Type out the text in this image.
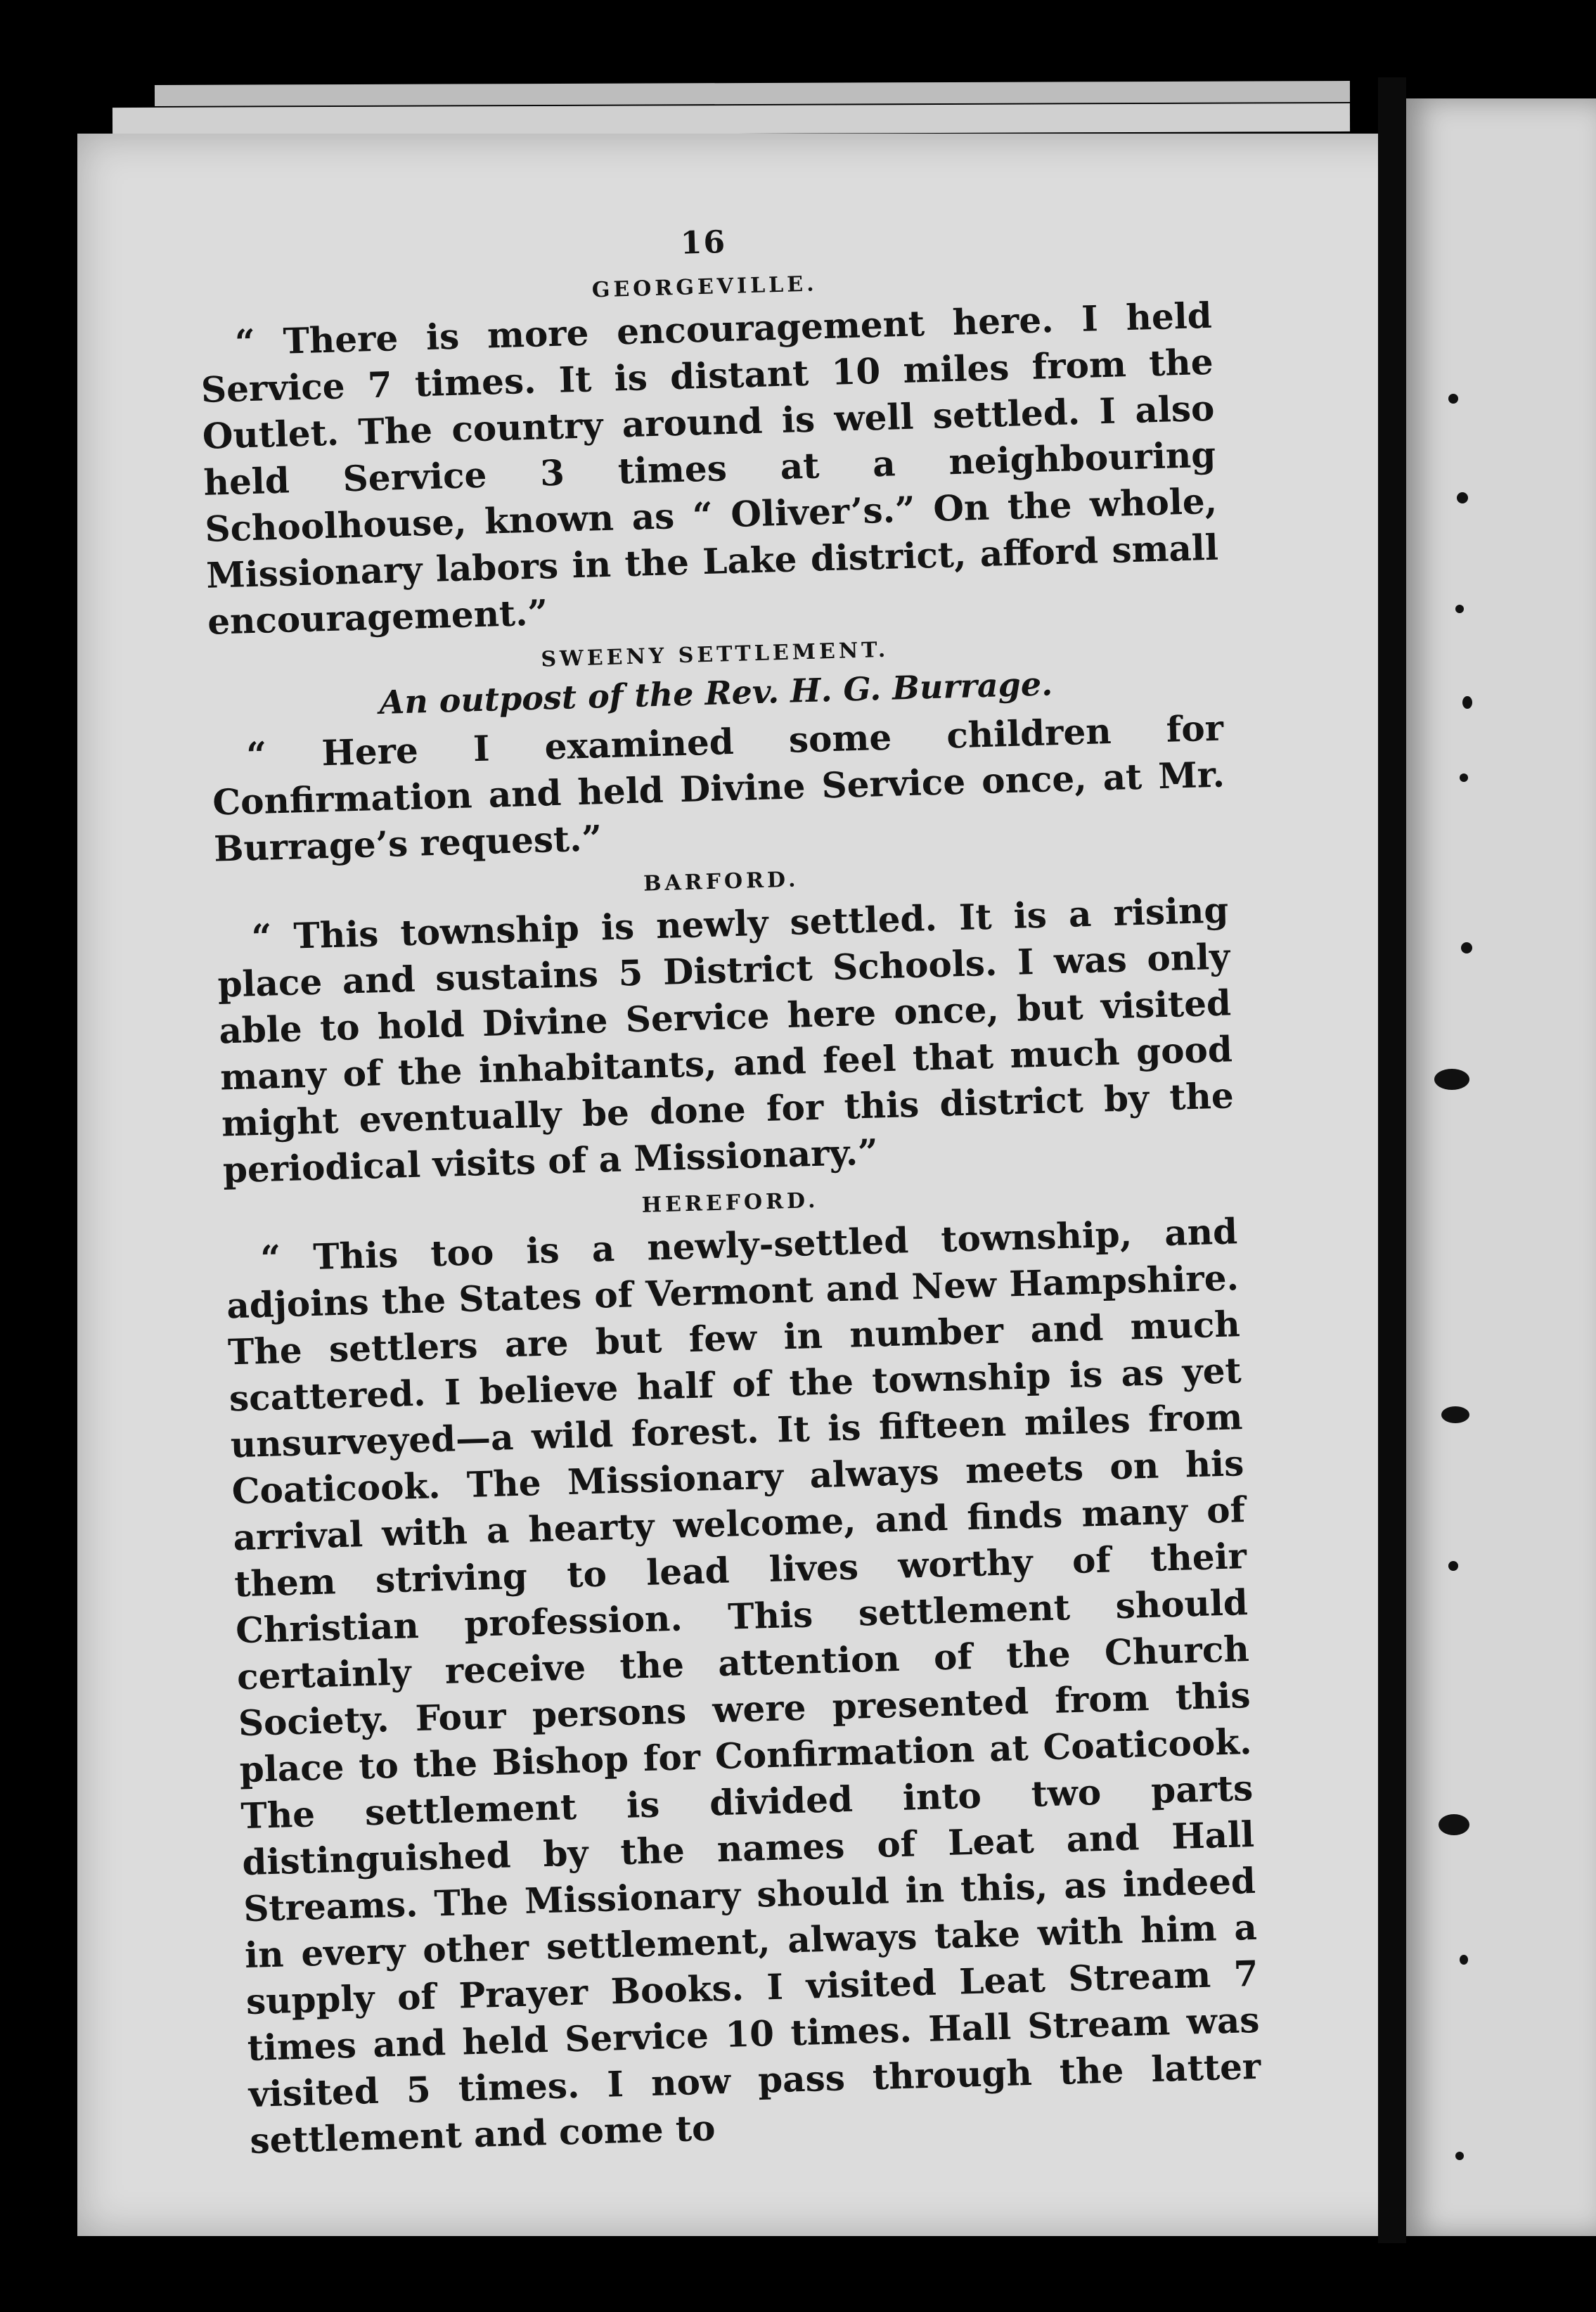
16
GEORGEVILLE.

“ There is more encouragement here. I held Service 7 times. It is distant 10 miles from the Outlet. The country around is well settled. I also held Service 3 times at a neighbouring Schoolhouse, known as “ Oliver’s.” On the whole, Missionary labors in the Lake district, afford small encouragement.”

SWEENY SETTLEMENT.
An outpost of the Rev. H. G. Burrage.

“ Here I examined some children for Confirmation and held Divine Service once, at Mr. Burrage’s request.”

BARFORD.

“ This township is newly settled. It is a rising place and sustains 5 District Schools. I was only able to hold Divine Service here once, but visited many of the inhabitants, and feel that much good might eventually be done for this district by the periodical visits of a Missionary.”

HEREFORD.

“ This too is a newly-settled township, and adjoins the States of Vermont and New Hampshire. The settlers are but few in number and much scattered. I believe half of the township is as yet unsurveyed—a wild forest. It is fifteen miles from Coaticook. The Missionary always meets on his arrival with a hearty welcome, and finds many of them striving to lead lives worthy of their Christian profession. This settlement should certainly receive the attention of the Church Society. Four persons were presented from this place to the Bishop for Confirmation at Coaticook. The settlement is divided into two parts distinguished by the names of Leat and Hall Streams. The Missionary should in this, as indeed in every other settlement, always take with him a supply of Prayer Books. I visited Leat Stream 7 times and held Service 10 times. Hall Stream was visited 5 times. I now pass through the latter settlement and come to
